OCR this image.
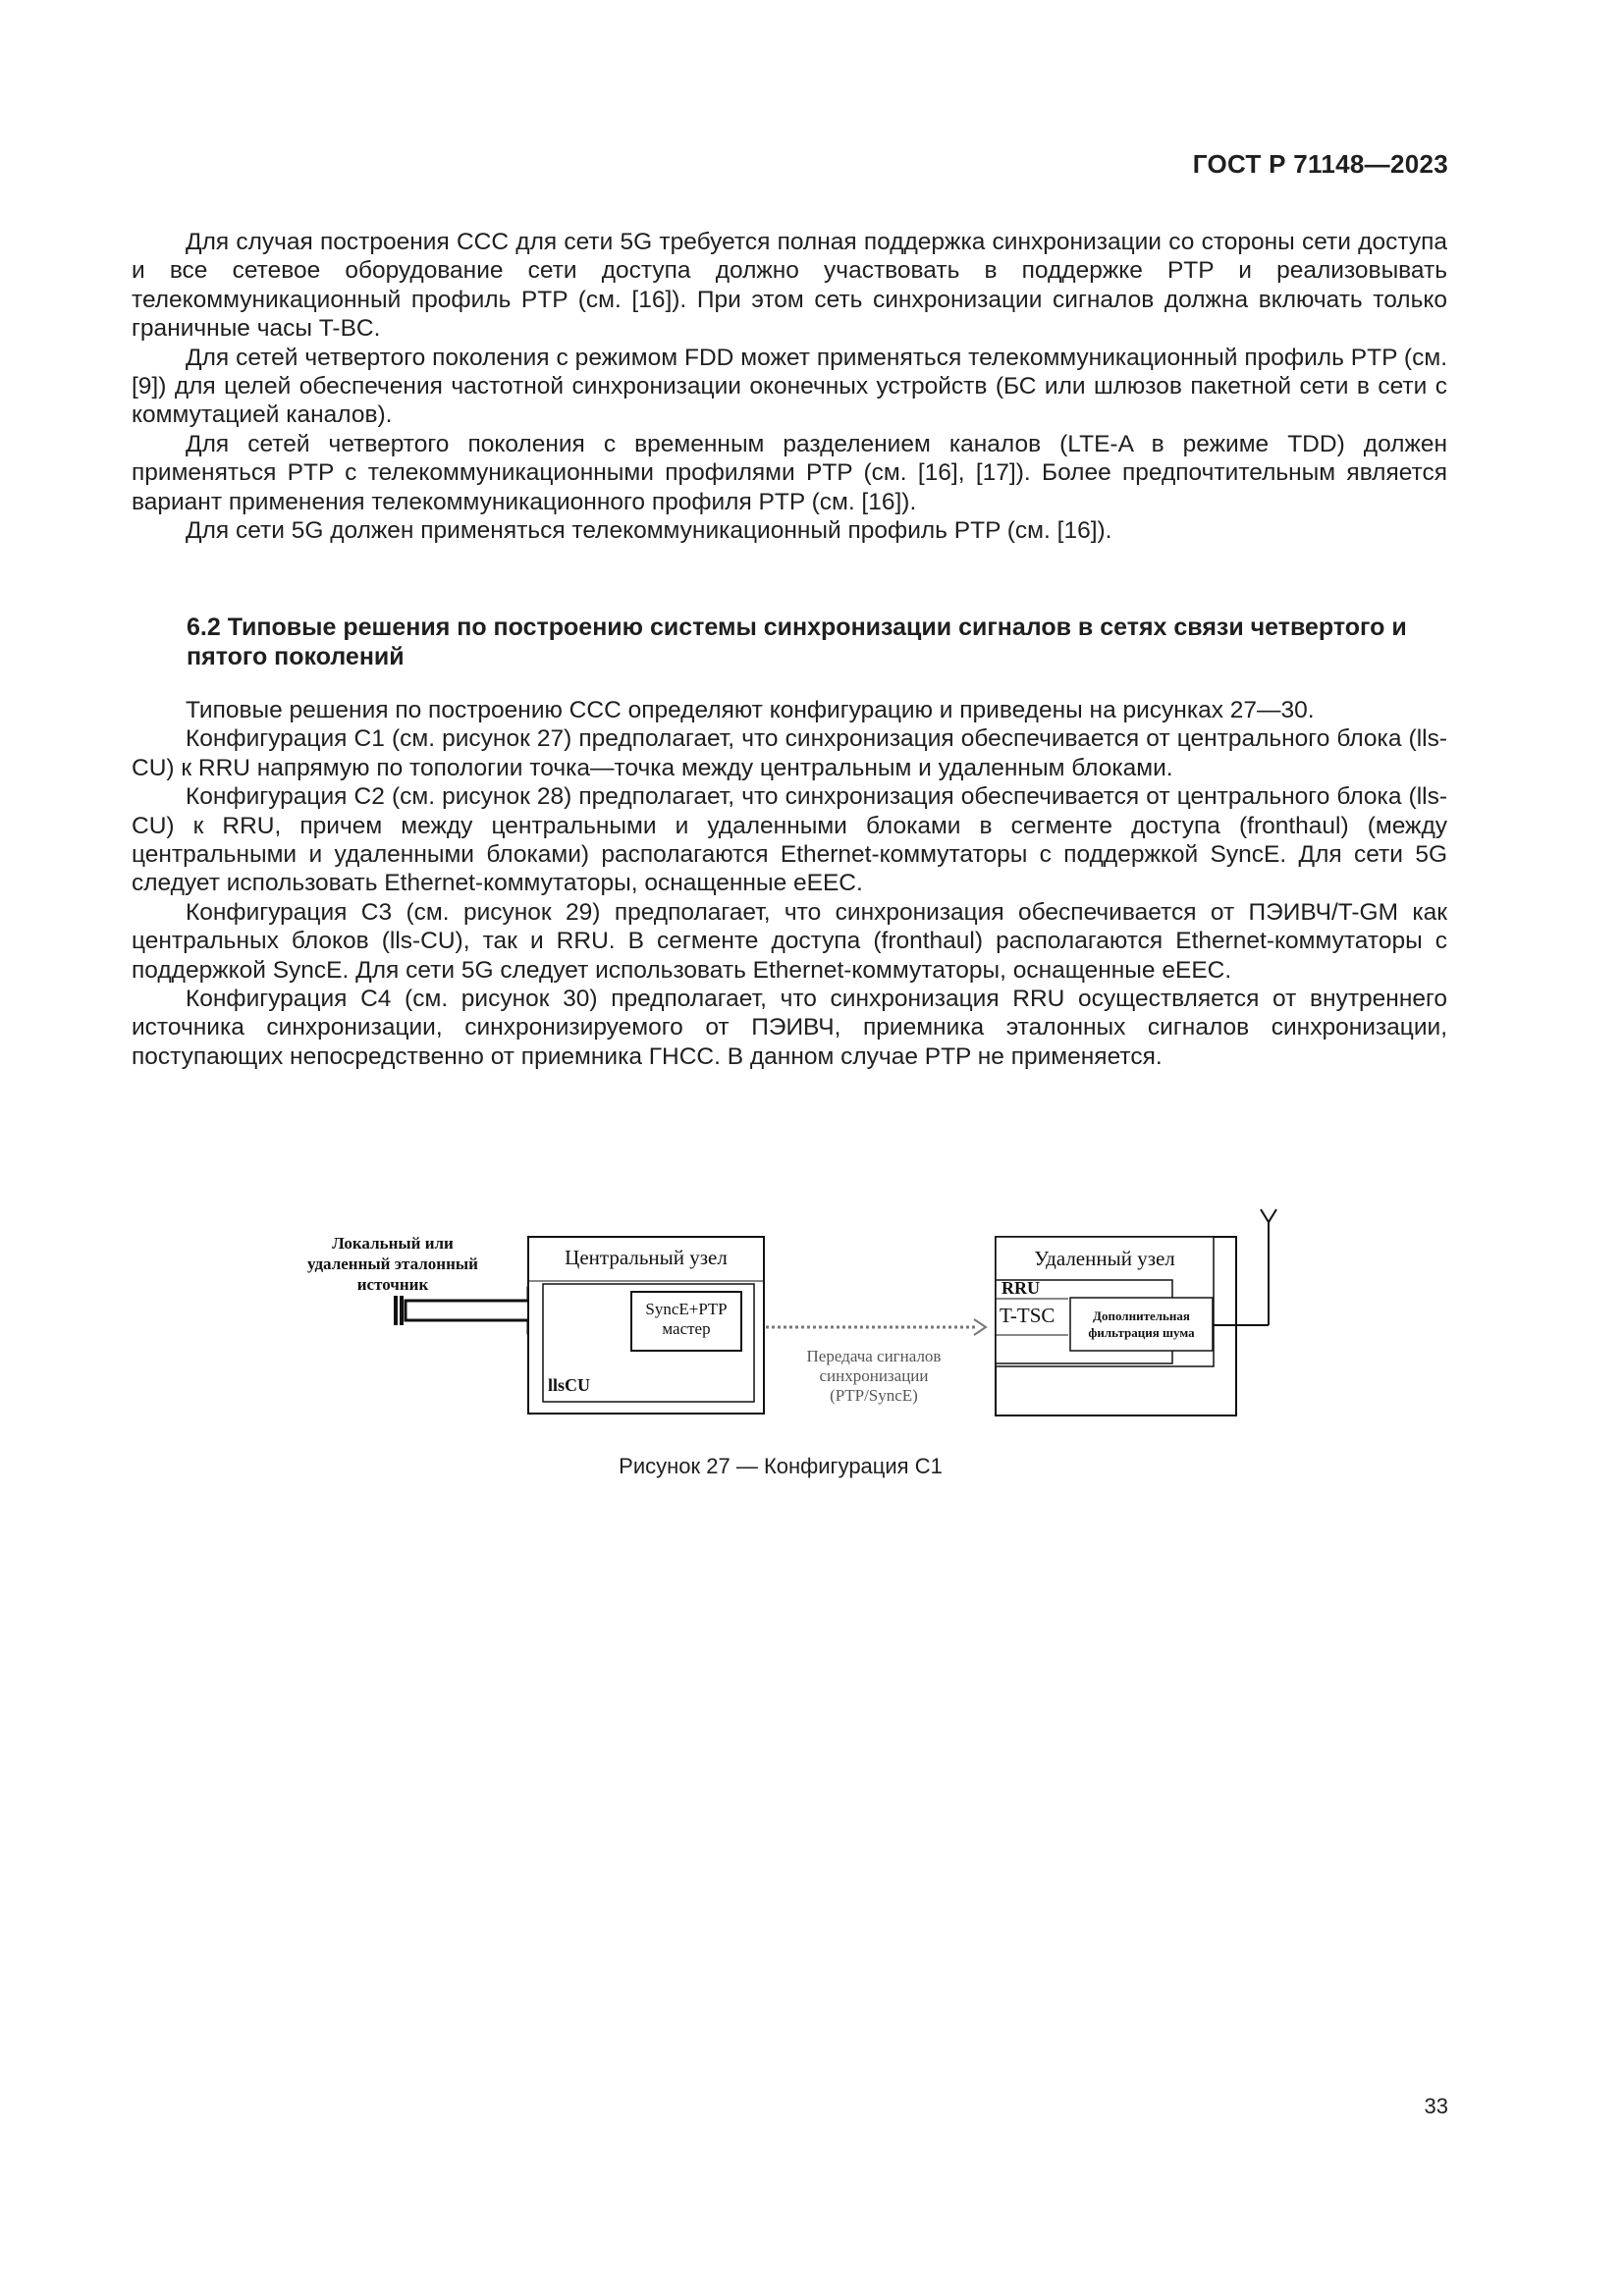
ГОСТ Р 71148—2023

Для случая построения ССС для сети 5G требуется полная поддержка синхронизации со стороны сети доступа и все сетевое оборудование сети доступа должно участвовать в поддержке PTP и реализовывать телекоммуникационный профиль PTP (см. [16]). При этом сеть синхронизации сигналов должна включать только граничные часы T-BC.

Для сетей четвертого поколения с режимом FDD может применяться телекоммуникационный профиль PTP (см. [9]) для целей обеспечения частотной синхронизации оконечных устройств (БС или шлюзов пакетной сети в сети с коммутацией каналов).

Для сетей четвертого поколения с временным разделением каналов (LTE-A в режиме TDD) должен применяться PTP с телекоммуникационными профилями PTP (см. [16], [17]). Более предпочтительным является вариант применения телекоммуникационного профиля PTP (см. [16]).

Для сети 5G должен применяться телекоммуникационный профиль PTP (см. [16]).

6.2 Типовые решения по построению системы синхронизации сигналов в сетях связи четвертого и пятого поколений

Типовые решения по построению ССС определяют конфигурацию и приведены на рисунках 27—30.

Конфигурация С1 (см. рисунок 27) предполагает, что синхронизация обеспечивается от центрального блока (lls-CU) к RRU напрямую по топологии точка—точка между центральным и удаленным блоками.

Конфигурация С2 (см. рисунок 28) предполагает, что синхронизация обеспечивается от центрального блока (lls-CU) к RRU, причем между центральными и удаленными блоками в сегменте доступа (fronthaul) (между центральными и удаленными блоками) располагаются Ethernet-коммутаторы с поддержкой SyncE. Для сети 5G следует использовать Ethernet-коммутаторы, оснащенные eEEC.

Конфигурация С3 (см. рисунок 29) предполагает, что синхронизация обеспечивается от ПЭИВЧ/T-GM как центральных блоков (lls-CU), так и RRU. В сегменте доступа (fronthaul) располагаются Ethernet-коммутаторы с поддержкой SyncE. Для сети 5G следует использовать Ethernet-коммутаторы, оснащенные eEEC.

Конфигурация С4 (см. рисунок 30) предполагает, что синхронизация RRU осуществляется от внутреннего источника синхронизации, синхронизируемого от ПЭИВЧ, приемника эталонных сигналов синхронизации, поступающих непосредственно от приемника ГНСС. В данном случае PTP не применяется.

Локальный или
удаленный эталонный
источник
Центральный узел
SyncE+PTP
мастер
llsCU
Передача сигналов
синхронизации
(PTP/SyncE)
Удаленный узел
RRU
T-TSC	Дополнительная
фильтрация шума
Рисунок 27 — Конфигурация С1
33
